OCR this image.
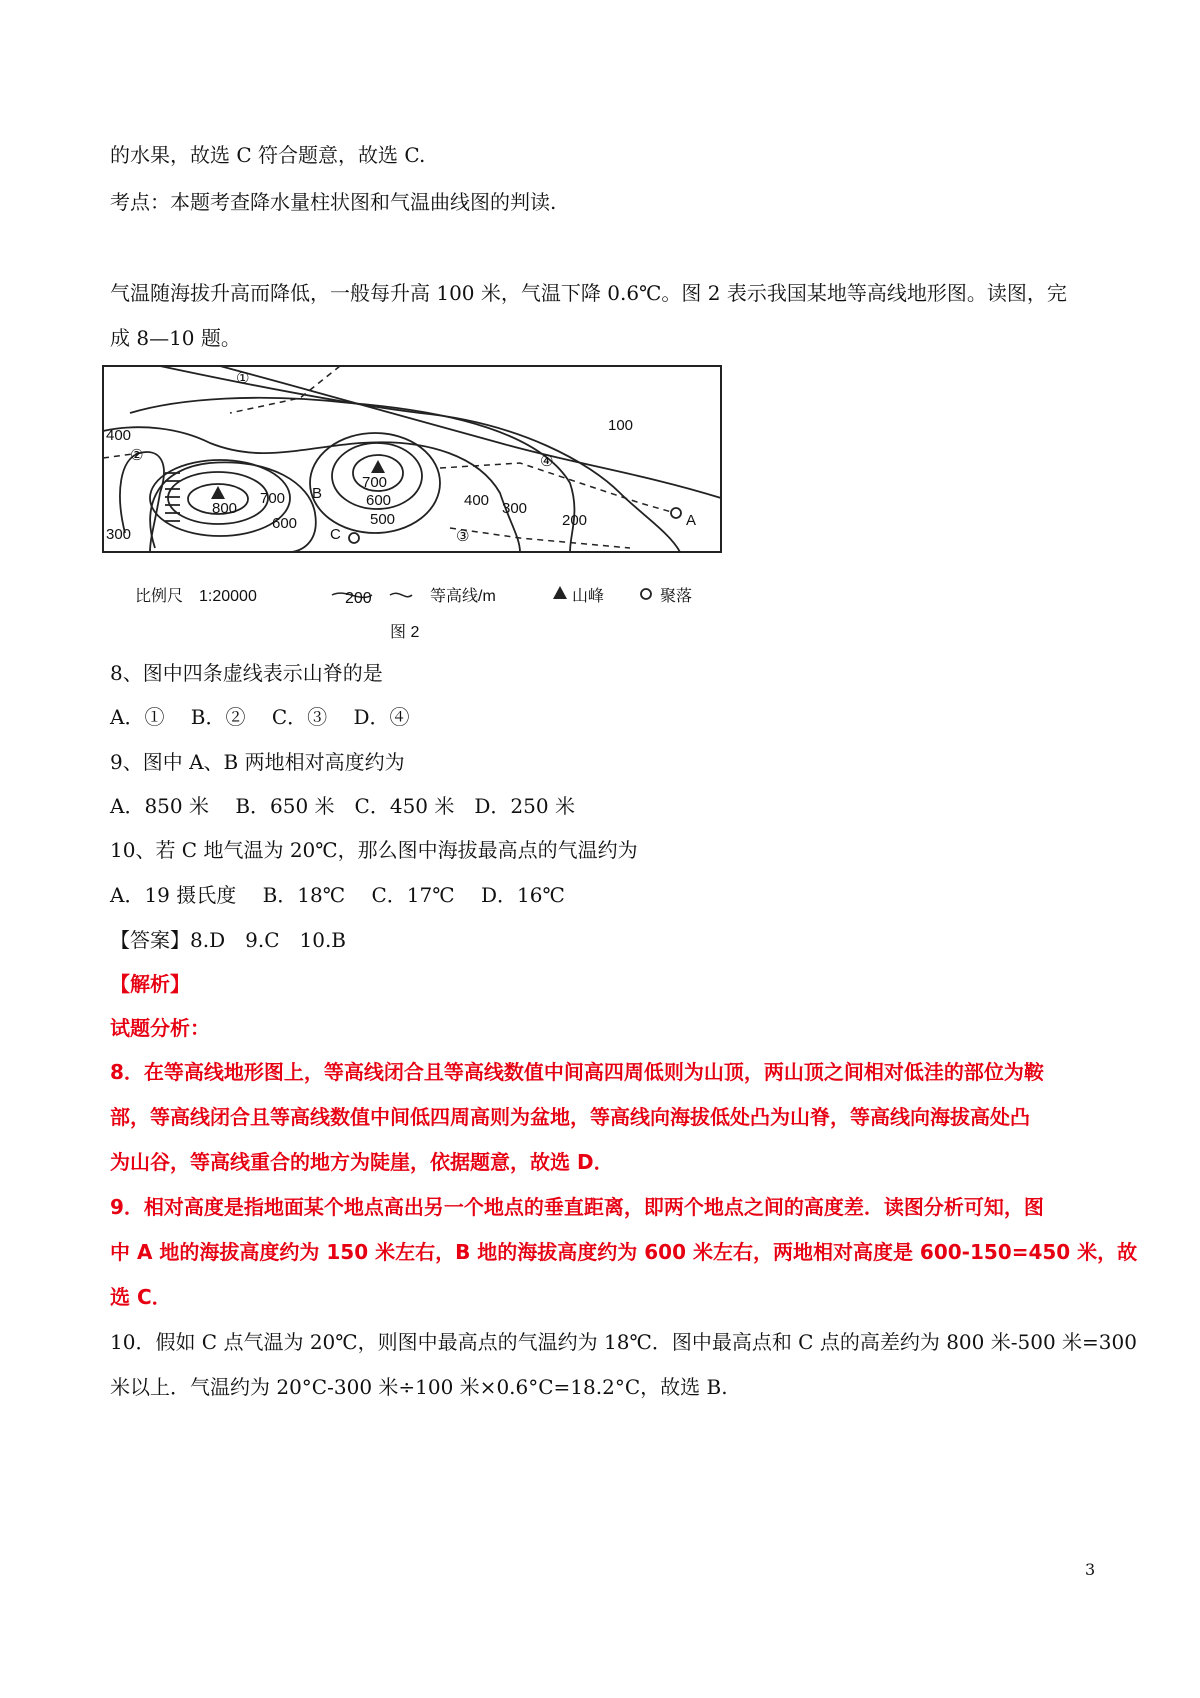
的水果，故选 C 符合题意，故选 C.
考点：本题考查降水量柱状图和气温曲线图的判读.
气温随海拔升高而降低，一般每升高 100 米，气温下降 0.6℃。图 2 表示我国某地等高线地形图。读图，完
成 8—10 题。
100
400
300
800
700
600
700
600
500
400 300
200
B
C
A
①
②
③
④
比例尺　1:20000	200	等高线/m	山峰	聚落
图 2
8、图中四条虚线表示山脊的是
A．①　 B．②　 C．③　 D．④
9、图中 A、B 两地相对高度约为
A．850 米　 B．650 米　C．450 米　D．250 米
10、若 C 地气温为 20℃，那么图中海拔最高点的气温约为
A．19 摄氏度　 B．18℃　 C．17℃　 D．16℃
【答案】8.D　9.C　10.B
【解析】
试题分析：
8．在等高线地形图上，等高线闭合且等高线数值中间高四周低则为山顶，两山顶之间相对低洼的部位为鞍
部，等高线闭合且等高线数值中间低四周高则为盆地，等高线向海拔低处凸为山脊，等高线向海拔高处凸
为山谷，等高线重合的地方为陡崖，依据题意，故选 D．
9．相对高度是指地面某个地点高出另一个地点的垂直距离，即两个地点之间的高度差．读图分析可知，图
中 A 地的海拔高度约为 150 米左右，B 地的海拔高度约为 600 米左右，两地相对高度是 600-150=450 米，故
选 C．
10．假如 C 点气温为 20℃，则图中最高点的气温约为 18℃．图中最高点和 C 点的高差约为 800 米-500 米=300
米以上．气温约为 20°C-300 米÷100 米×0.6°C=18.2°C，故选 B.
3
